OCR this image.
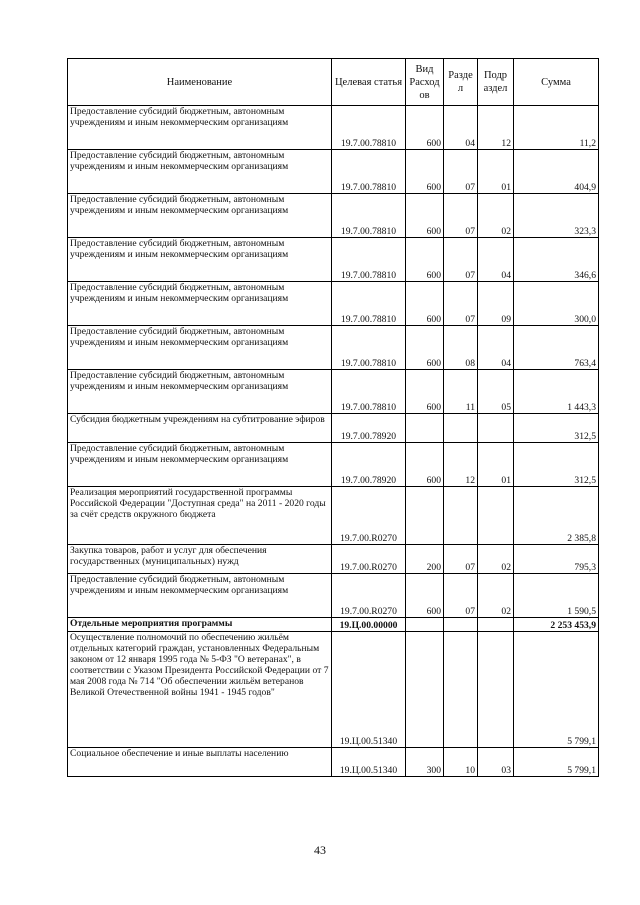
Наименование	Целевая статья	Вид Расход ов	Разде л	Подр аздел	Сумма
Предоставление субсидий бюджетным, автономным учреждениям и иным некоммерческим организациям	19.7.00.78810	600	04	12	11,2
Предоставление субсидий бюджетным, автономным учреждениям и иным некоммерческим организациям	19.7.00.78810	600	07	01	404,9
Предоставление субсидий бюджетным, автономным учреждениям и иным некоммерческим организациям	19.7.00.78810	600	07	02	323,3
Предоставление субсидий бюджетным, автономным учреждениям и иным некоммерческим организациям	19.7.00.78810	600	07	04	346,6
Предоставление субсидий бюджетным, автономным учреждениям и иным некоммерческим организациям	19.7.00.78810	600	07	09	300,0
Предоставление субсидий бюджетным, автономным учреждениям и иным некоммерческим организациям	19.7.00.78810	600	08	04	763,4
Предоставление субсидий бюджетным, автономным учреждениям и иным некоммерческим организациям	19.7.00.78810	600	11	05	1 443,3
Субсидия бюджетным учреждениям на субтитрование эфиров	19.7.00.78920				312,5
Предоставление субсидий бюджетным, автономным учреждениям и иным некоммерческим организациям	19.7.00.78920	600	12	01	312,5
Реализация мероприятий государственной программы Российской Федерации "Доступная среда" на 2011 - 2020 годы за счёт средств окружного бюджета	19.7.00.R0270				2 385,8
Закупка товаров, работ и услуг для обеспечения государственных (муниципальных) нужд	19.7.00.R0270	200	07	02	795,3
Предоставление субсидий бюджетным, автономным учреждениям и иным некоммерческим организациям	19.7.00.R0270	600	07	02	1 590,5
Отдельные мероприятия программы	19.Ц.00.00000				2 253 453,9
Осуществление полномочий по обеспечению жильём отдельных категорий граждан, установленных Федеральным законом от 12 января 1995 года № 5-ФЗ "О ветеранах", в соответствии с Указом Президента Российской Федерации от 7 мая 2008 года № 714 "Об обеспечении жильём ветеранов Великой Отечественной войны 1941 - 1945 годов"	19.Ц.00.51340				5 799,1
Социальное обеспечение и иные выплаты населению	19.Ц.00.51340	300	10	03	5 799,1
43
